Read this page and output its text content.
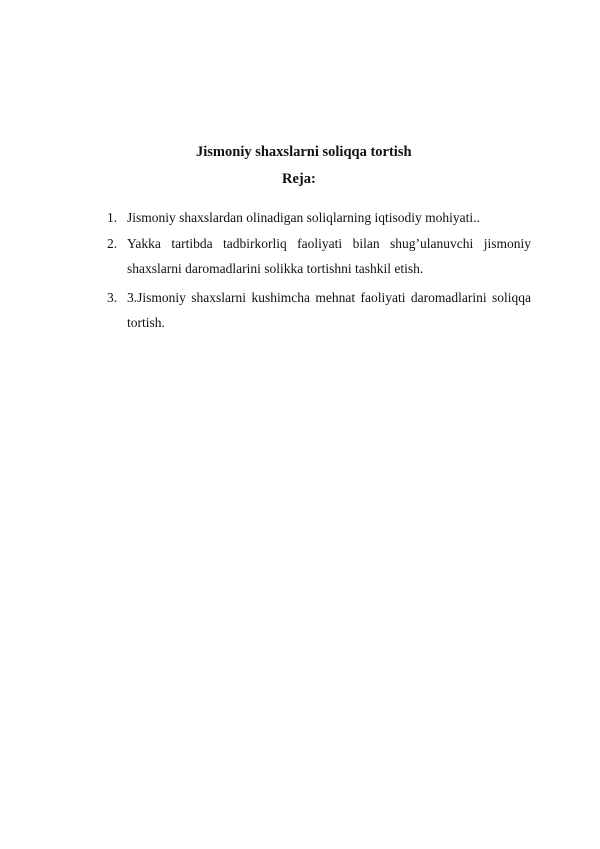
Jismoniy shaxslarni soliqqa tortish
Reja:
1. Jismoniy shaxslardan olinadigan soliqlarning iqtisodiy mohiyati..
2. Yakka tartibda tadbirkorliq faoliyati bilan shug’ulanuvchi jismoniy shaxslarni daromadlarini solikka tortishni tashkil etish.
3. 3.Jismoniy shaxslarni kushimcha mehnat faoliyati daromadlarini soliqqa tortish.
